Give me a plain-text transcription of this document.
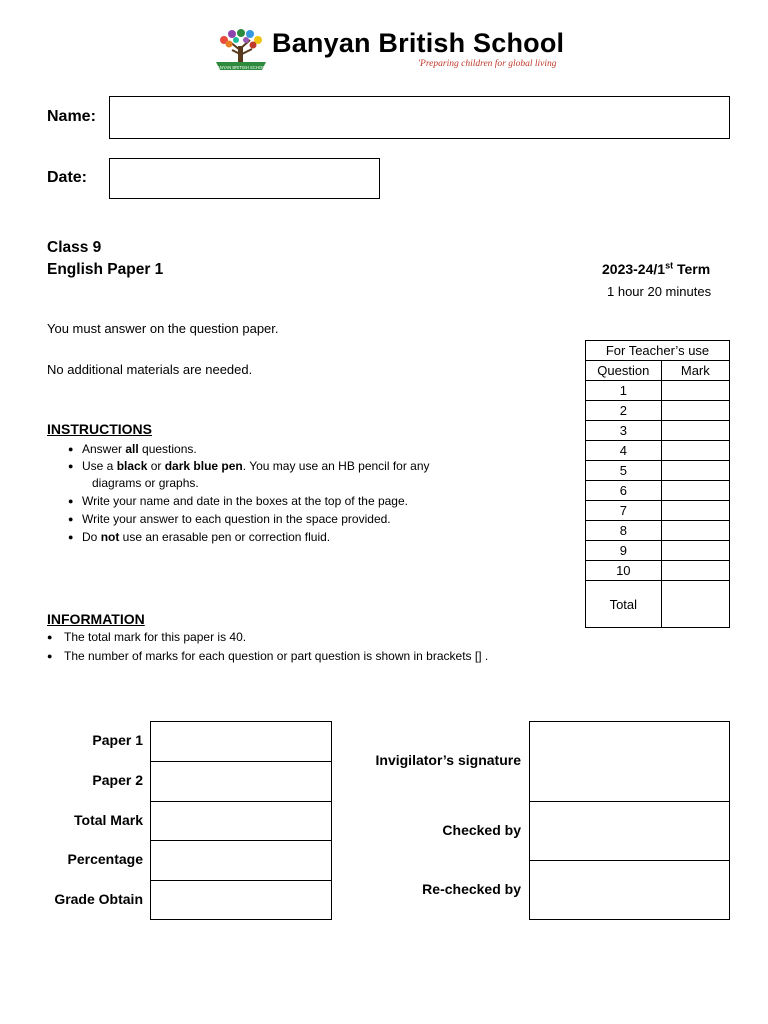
BANYAN BRITISH SCHOOL
Banyan British School
'Preparing children for global living
Name:
Date:
Class 9
English Paper 1	2023-24/1st Term
1 hour 20 minutes
You must answer on the question paper.
No additional materials are needed.
INSTRUCTIONS
● Answer all questions.
● Use a black or dark blue pen. You may use an HB pencil for any
diagrams or graphs.
● Write your name and date in the boxes at the top of the page.
● Write your answer to each question in the space provided.
● Do not use an erasable pen or correction fluid.
INFORMATION
● The total mark for this paper is 40.
● The number of marks for each question or part question is shown in brackets [] .
For Teacher’s use	
Question	Mark
1	
2	
3	
4	
5	
6	
7	
8	
9	
10	
Total	
Paper 1
Paper 2
Total Mark
Percentage
Grade Obtain
Invigilator’s signature
Checked by
Re-checked by
